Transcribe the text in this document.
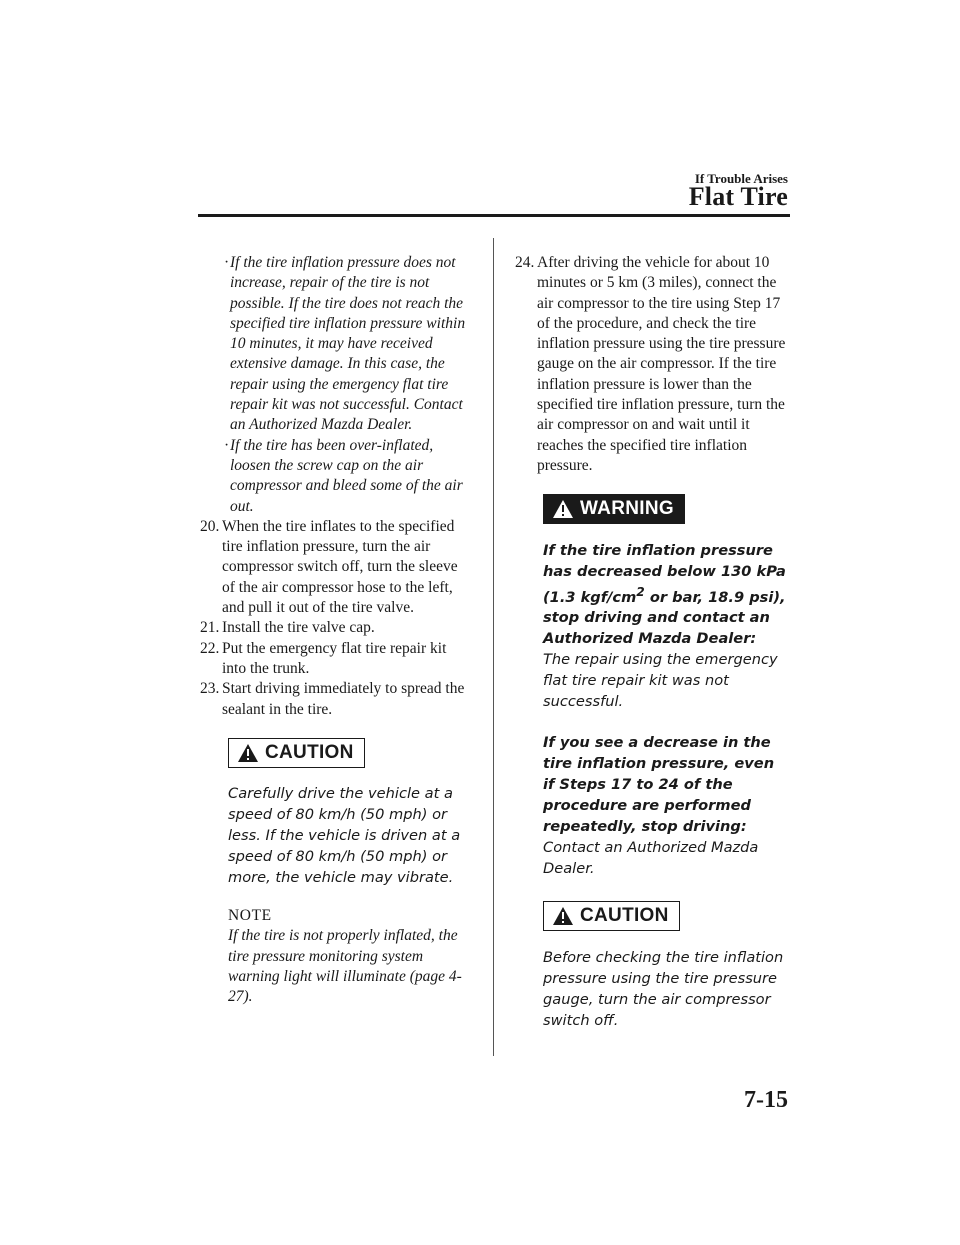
If Trouble Arises
Flat Tire
· If the tire inflation pressure does not increase, repair of the tire is not possible. If the tire does not reach the specified tire inflation pressure within 10 minutes, it may have received extensive damage. In this case, the repair using the emergency flat tire repair kit was not successful. Contact an Authorized Mazda Dealer.
· If the tire has been over-inflated, loosen the screw cap on the air compressor and bleed some of the air out.
20. When the tire inflates to the specified tire inflation pressure, turn the air compressor switch off, turn the sleeve of the air compressor hose to the left, and pull it out of the tire valve.
21. Install the tire valve cap.
22. Put the emergency flat tire repair kit into the trunk.
23. Start driving immediately to spread the sealant in the tire.
CAUTION
Carefully drive the vehicle at a speed of 80 km/h (50 mph) or less. If the vehicle is driven at a speed of 80 km/h (50 mph) or more, the vehicle may vibrate.
NOTE
If the tire is not properly inflated, the tire pressure monitoring system warning light will illuminate (page 4-27).
24. After driving the vehicle for about 10 minutes or 5 km (3 miles), connect the air compressor to the tire using Step 17 of the procedure, and check the tire inflation pressure using the tire pressure gauge on the air compressor. If the tire inflation pressure is lower than the specified tire inflation pressure, turn the air compressor on and wait until it reaches the specified tire inflation pressure.
WARNING
If the tire inflation pressure has decreased below 130 kPa (1.3 kgf/$cm^2$ or bar, 18.9 psi), stop driving and contact an Authorized Mazda Dealer:
The repair using the emergency flat tire repair kit was not successful.
If you see a decrease in the tire inflation pressure, even if Steps 17 to 24 of the procedure are performed repeatedly, stop driving:
Contact an Authorized Mazda Dealer.
CAUTION
Before checking the tire inflation pressure using the tire pressure gauge, turn the air compressor switch off.
7-15
